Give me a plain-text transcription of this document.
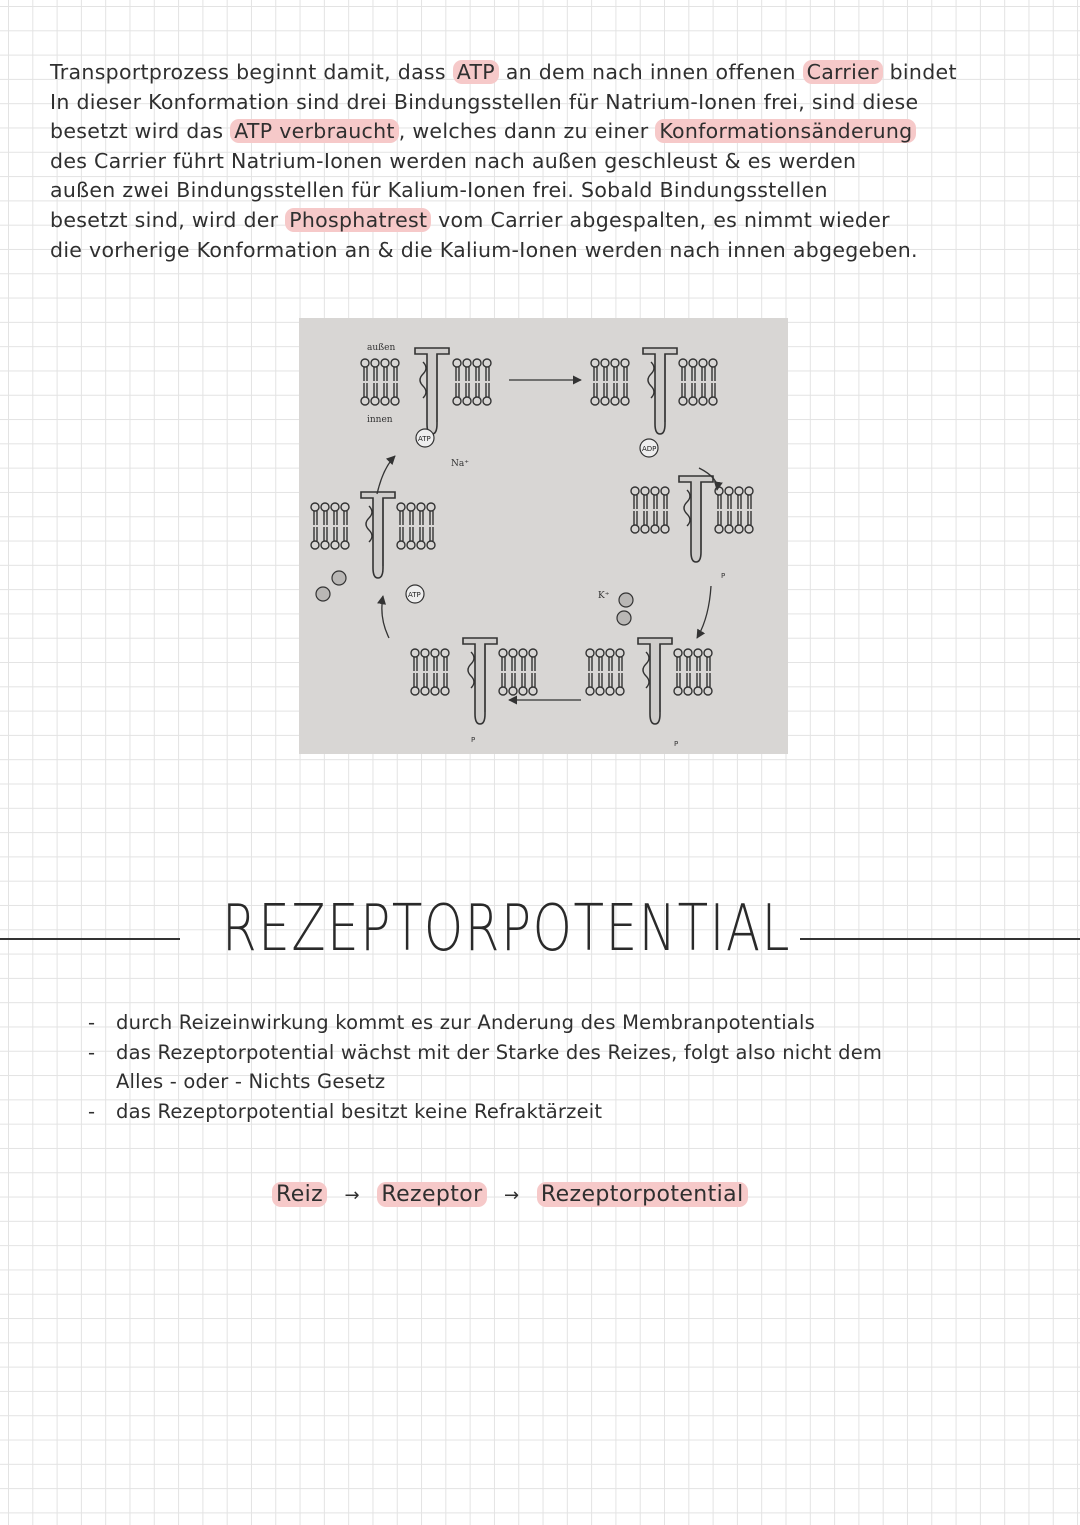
Transportprozess beginnt damit, dass ATP an dem nach innen offenen Carrier bindet
In dieser Konformation sind drei Bindungsstellen für Natrium-Ionen frei, sind diese
besetzt wird das ATP verbraucht , welches dann zu einer Konformationsänderung
des Carrier führt Natrium-Ionen werden nach außen geschleust & es werden
außen zwei Bindungsstellen für Kalium-Ionen frei. Sobald Bindungsstellen
besetzt sind, wird der Phosphatrest vom Carrier abgespalten, es nimmt wieder
die vorherige Konformation an & die Kalium-Ionen werden nach innen abgegeben.
außen
innen
ATP
Na⁺
ADP
P
ATP
P
K⁺
P
REZEPTORPOTENTIAL
- durch Reizeinwirkung kommt es zur Anderung des Membranpotentials
- das Rezeptorpotential wächst mit der Starke des Reizes, folgt also nicht dem
Alles - oder - Nichts Gesetz
- das Rezeptorpotential besitzt keine Refraktärzeit
Reiz → Rezeptor → Rezeptorpotential
